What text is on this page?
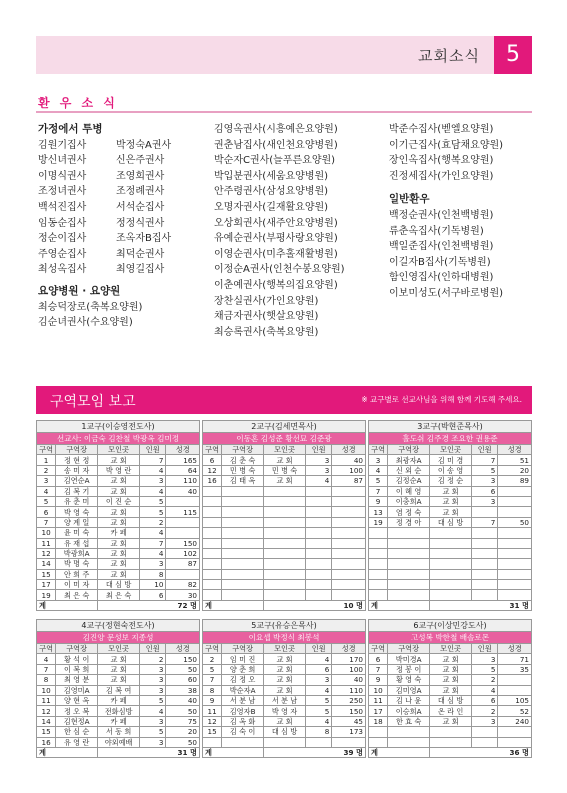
교회소식	5
환 우 소 식
가정에서 투병
김원기집사	박정숙A권사
방신녀권사	신은주권사
이명식권사	조영희권사
조정녀권사	조정례권사
백석진집사	서석순집사
임동순집사	정정식권사
정순이집사	조옥자B집사
주영순집사	최덕순권사
최성옥집사	최영길집사
요양병원 · 요양원
최승덕장로(축복요양원)
김순녀권사(수요양원)
김영옥권사(시흥예은요양원)
권춘남집사(새인천요양병원)
박순자C권사(늘푸른요양원)
박입분권사(세움요양병원)
안주령권사(삼성요양병원)
오명자권사(길재활요양원)
오상회권사(새주안요양병원)
유예순권사(부평사랑요양원)
이영순권사(미추홀재활병원)
이정순A권사(인천수봉요양원)
이춘예권사(행복의집요양원)
장찬실권사(가인요양원)
채금자권사(햇살요양원)
최승록권사(축복요양원)
박준수집사(벧엘요양원)
이기근집사(효담채요양원)
장인옥집사(행복요양원)
진정세집사(가인요양원)
일반환우
백정순권사(인천백병원)
류춘옥집사(기독병원)
백일준집사(인천백병원)
이길자B집사(기독병원)
함인영집사(인하대병원)
이보미성도(서구바로병원)
구역모임 보고	※ 교구별로 선교사님을 위해 함께 기도해 주세요.
1교구(이승영전도사)				
선교사: 이금숙 김찬철 박광옥 김미정				
구역	구역장	모인곳	인원	성경
1	정 현 정	교 회	7	165
2	송 미 자	박 영 란	4	64
3	김연순A	교 회	3	110
4	김 복 기	교 회	4	40
5	유 춘 미	이 진 순	5	
6	박 영 숙	교 회	5	115
7	양 계 일	교 회	2	
10	윤 미 숙	카 페	4	
11	유 재 섭	교 회	7	150
12	박광희A	교 회	4	102
14	박 명 숙	교 회	3	87
15	안 희 주	교 회	8	
17	이 미 자	대 심 방	10	82
19	최 은 숙	최 은 숙	6	30
계		72 명		
2교구(김세면목사)				
이동혼 김성준 황선묘 김준광				
구역	구역장	모인곳	인원	성경
6	김 춘 숙	교 회	3	40
12	민 병 숙	민 병 숙	3	100
16	김 태 옥	교 회	4	87

계		10 명		
3교구(박현준목사)				
홀도쉬 김주경 조요한 권용준				
구역	구역장	모인곳	인원	성경
3	최광자A	김 미 경	7	51
4	신 외 순	이 송 영	5	20
5	김정순A	김 정 순	3	89
7	이 혜 영	교 회	6	
9	이충희A	교 회	3	
13	염 정 숙	교 회		
19	정 경 아	대 심 방	7	50

계		31 명		
4교구(정현숙전도사)				
김진양 문성보 지종성				
구역	구역장	모인곳	인원	성경
4	황 석 이	교 회	2	150
7	이 복 희	교 회	3	50
8	최 영 분	교 회	3	60
10	김영미A	김 복 여	3	38
11	양 현 옥	카 페	5	40
12	정 오 복	전화심방	4	50
14	김현정A	카 페	3	75
15	한 심 순	서 동 희	5	20
16	유 영 란	야외예배	3	50
계		31 명		
5교구(유승은목사)				
이요셉 박정식 최봉석				
구역	구역장	모인곳	인원	성경
2	임 미 진	교 회	4	170
5	양 춘 희	교 회	6	100
7	김 정 오	교 회	3	40
8	박순자A	교 회	4	110
9	서 분 남	서 분 남	5	250
11	김영자B	박 영 자	5	150
12	김 옥 화	교 회	4	45
15	김 숙 이	대 심 방	8	173

계		39 명		
6교구(이상민강도사)				
고성복 박한철 배솔로몬				
구역	구역장	모인곳	인원	성경
6	박미경A	교 회	3	71
7	정 봉 이	교 회	5	35
9	황 영 숙	교 회	2	
10	김미영A	교 회	4	
11	김 나 윤	대 심 방	6	105
17	이승희A	온 라 인	2	52
18	한 효 숙	교 회	3	240

계		36 명		
